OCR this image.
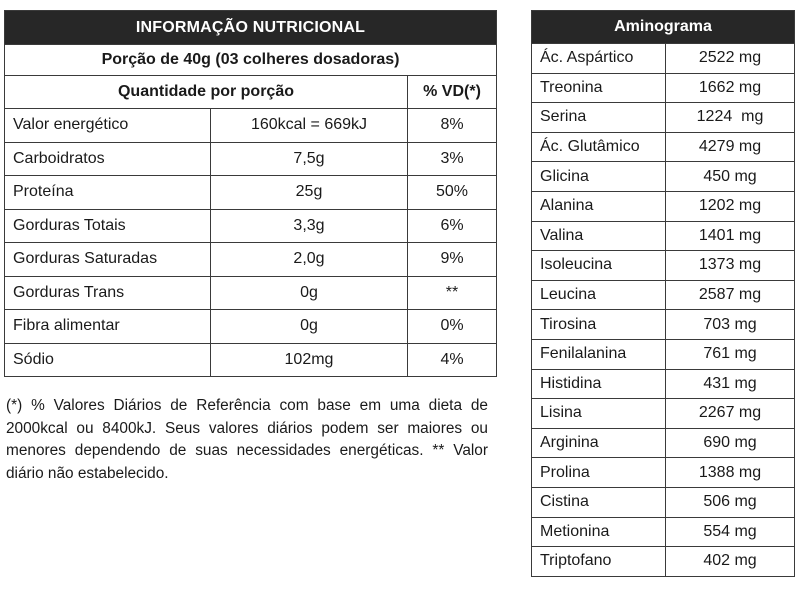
INFORMAÇÃO NUTRICIONAL		
Porção de 40g (03 colheres dosadoras)		
Quantidade por porção		% VD(*)
Valor energético	160kcal = 669kJ	8%
Carboidratos	7,5g	3%
Proteína	25g	50%
Gorduras Totais	3,3g	6%
Gorduras Saturadas	2,0g	9%
Gorduras Trans	0g	**
Fibra alimentar	0g	0%
Sódio	102mg	4%

(*) % Valores Diários de Referência com base em uma dieta de 2000kcal ou 8400kJ. Seus valores diários podem ser maiores ou menores dependendo de suas necessidades energéticas. ** Valor diário não estabelecido.

Aminograma	
Ác. Aspártico	2522 mg
Treonina	1662 mg
Serina	1224  mg
Ác. Glutâmico	4279 mg
Glicina	450 mg
Alanina	1202 mg
Valina	1401 mg
Isoleucina	1373 mg
Leucina	2587 mg
Tirosina	703 mg
Fenilalanina	761 mg
Histidina	431 mg
Lisina	2267 mg
Arginina	690 mg
Prolina	1388 mg
Cistina	506 mg
Metionina	554 mg
Triptofano	402 mg
